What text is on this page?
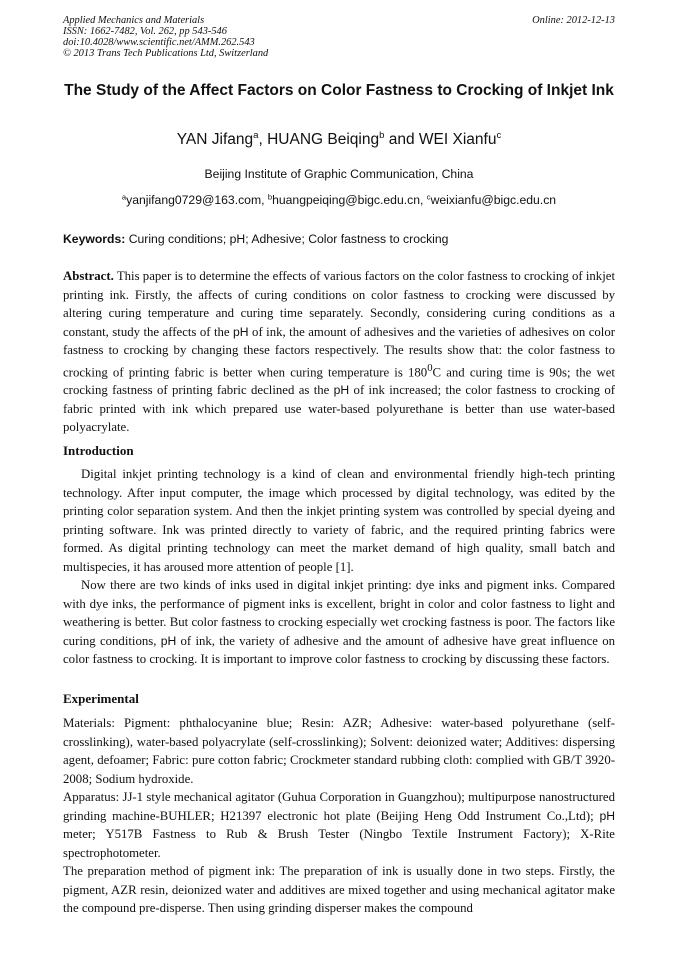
Applied Mechanics and Materials
ISSN: 1662-7482, Vol. 262, pp 543-546
doi:10.4028/www.scientific.net/AMM.262.543
© 2013 Trans Tech Publications Ltd, Switzerland
Online: 2012-12-13
The Study of the Affect Factors on Color Fastness to Crocking of Inkjet Ink
YAN Jifang$^a$, HUANG Beiqing$^b$ and WEI Xianfu$^c$
Beijing Institute of Graphic Communication, China
$^a$yanjifang0729@163.com, $^b$huangpeiqing@bigc.edu.cn, $^c$weixianfu@bigc.edu.cn
Keywords: Curing conditions; pH; Adhesive; Color fastness to crocking

Abstract. This paper is to determine the effects of various factors on the color fastness to crocking of inkjet printing ink. Firstly, the affects of curing conditions on color fastness to crocking were discussed by altering curing temperature and curing time separately. Secondly, considering curing conditions as a constant, study the affects of the pH of ink, the amount of adhesives and the varieties of adhesives on color fastness to crocking by changing these factors respectively. The results show that: the color fastness to crocking of printing fabric is better when curing temperature is $180^0C$ and curing time is 90s; the wet crocking fastness of printing fabric declined as the pH of ink increased; the color fastness to crocking of fabric printed with ink which prepared use water-based polyurethane is better than use water-based polyacrylate.

Introduction

Digital inkjet printing technology is a kind of clean and environmental friendly high-tech printing technology. After input computer, the image which processed by digital technology, was edited by the printing color separation system. And then the inkjet printing system was controlled by special dyeing and printing software. Ink was printed directly to variety of fabric, and the required printing fabrics were formed. As digital printing technology can meet the market demand of high quality, small batch and multispecies, it has aroused more attention of people [1].

Now there are two kinds of inks used in digital inkjet printing: dye inks and pigment inks. Compared with dye inks, the performance of pigment inks is excellent, bright in color and color fastness to light and weathering is better. But color fastness to crocking especially wet crocking fastness is poor. The factors like curing conditions, pH of ink, the variety of adhesive and the amount of adhesive have great influence on color fastness to crocking. It is important to improve color fastness to crocking by discussing these factors.

Experimental

Materials: Pigment: phthalocyanine blue; Resin: AZR; Adhesive: water-based polyurethane (self-crosslinking), water-based polyacrylate (self-crosslinking); Solvent: deionized water; Additives: dispersing agent, defoamer; Fabric: pure cotton fabric; Crockmeter standard rubbing cloth: complied with GB/T 3920-2008; Sodium hydroxide.

Apparatus: JJ-1 style mechanical agitator (Guhua Corporation in Guangzhou); multipurpose nanostructured grinding machine-BUHLER; H21397 electronic hot plate (Beijing Heng Odd Instrument Co.,Ltd); pH meter; Y517B Fastness to Rub & Brush Tester (Ningbo Textile Instrument Factory); X-Rite spectrophotometer.

The preparation method of pigment ink: The preparation of ink is usually done in two steps. Firstly, the pigment, AZR resin, deionized water and additives are mixed together and using mechanical agitator make the compound pre-disperse. Then using grinding disperser makes the compound
